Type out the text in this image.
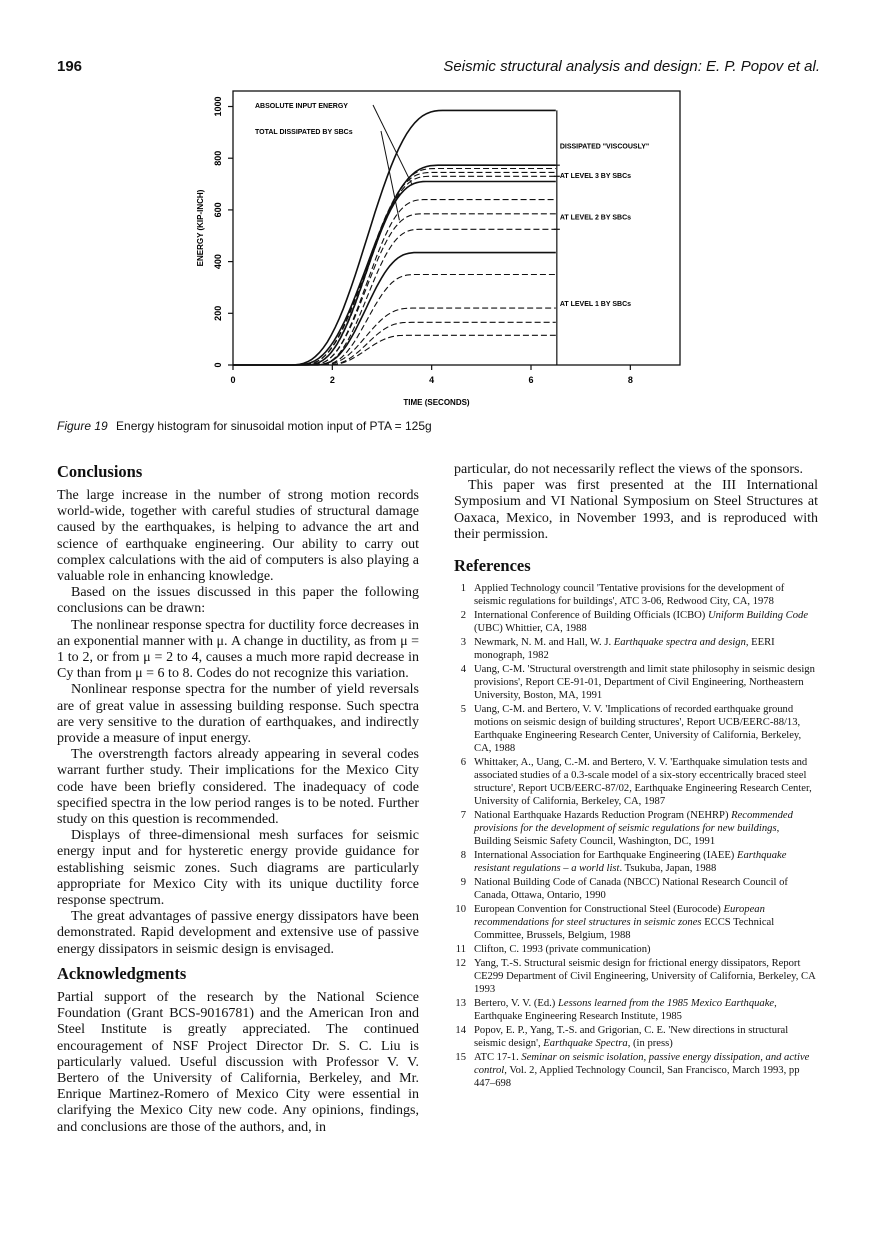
196	Seismic structural analysis and design: E. P. Popov et al.
0
200
400
600
800
1000
0	2	4	6	8
TIME (SECONDS)
ENERGY (KIP-INCH)
DISSIPATED "VISCOUSLY"
AT LEVEL 3 BY SBCs
AT LEVEL 2 BY SBCs
AT LEVEL 1 BY SBCs
ABSOLUTE INPUT ENERGY
TOTAL DISSIPATED BY SBCs
Figure 19 Energy histogram for sinusoidal motion input of PTA = 125g
Conclusions

The large increase in the number of strong motion records world-wide, together with careful studies of structural damage caused by the earthquakes, is helping to advance the art and science of earthquake engineering. Our ability to carry out complex calculations with the aid of computers is also playing a valuable role in enhancing knowledge.

Based on the issues discussed in this paper the following conclusions can be drawn:

The nonlinear response spectra for ductility force decreases in an exponential manner with μ. A change in ductility, as from μ = 1 to 2, or from μ = 2 to 4, causes a much more rapid decrease in Cy than from μ = 6 to 8. Codes do not recognize this variation.

Nonlinear response spectra for the number of yield reversals are of great value in assessing building response. Such spectra are very sensitive to the duration of earthquakes, and indirectly provide a measure of input energy.

The overstrength factors already appearing in several codes warrant further study. Their implications for the Mexico City code have been briefly considered. The inadequacy of code specified spectra in the low period ranges is to be noted. Further study on this question is recommended.

Displays of three-dimensional mesh surfaces for seismic energy input and for hysteretic energy provide guidance for establishing seismic zones. Such diagrams are particularly appropriate for Mexico City with its unique ductility force response spectrum.

The great advantages of passive energy dissipators have been demonstrated. Rapid development and extensive use of passive energy dissipators in seismic design is envisaged.

Acknowledgments

Partial support of the research by the National Science Foundation (Grant BCS-9016781) and the American Iron and Steel Institute is greatly appreciated. The continued encouragement of NSF Project Director Dr. S. C. Liu is particularly valued. Useful discussion with Professor V. V. Bertero of the University of California, Berkeley, and Mr. Enrique Martinez-Romero of Mexico City were essential in clarifying the Mexico City new code. Any opinions, findings, and conclusions are those of the authors, and, in

particular, do not necessarily reflect the views of the sponsors.

This paper was first presented at the III International Symposium and VI National Symposium on Steel Structures at Oaxaca, Mexico, in November 1993, and is reproduced with their permission.

References
1 Applied Technology council 'Tentative provisions for the development of seismic regulations for buildings', ATC 3-06, Redwood City, CA, 1978
2 International Conference of Building Officials (ICBO) Uniform Building Code (UBC) Whittier, CA, 1988
3 Newmark, N. M. and Hall, W. J. Earthquake spectra and design, EERI monograph, 1982
4 Uang, C-M. 'Structural overstrength and limit state philosophy in seismic design provisions', Report CE-91-01, Department of Civil Engineering, Northeastern University, Boston, MA, 1991
5 Uang, C-M. and Bertero, V. V. 'Implications of recorded earthquake ground motions on seismic design of building structures', Report UCB/EERC-88/13, Earthquake Engineering Research Center, University of California, Berkeley, CA, 1988
6 Whittaker, A., Uang, C.-M. and Bertero, V. V. 'Earthquake simulation tests and associated studies of a 0.3-scale model of a six-story eccentrically braced steel structure', Report UCB/EERC-87/02, Earthquake Engineering Research Center, University of California, Berkeley, CA, 1987
7 National Earthquake Hazards Reduction Program (NEHRP) Recommended provisions for the development of seismic regulations for new buildings, Building Seismic Safety Council, Washington, DC, 1991
8 International Association for Earthquake Engineering (IAEE) Earthquake resistant regulations – a world list. Tsukuba, Japan, 1988
9 National Building Code of Canada (NBCC) National Research Council of Canada, Ottawa, Ontario, 1990
10 European Convention for Constructional Steel (Eurocode) European recommendations for steel structures in seismic zones ECCS Technical Committee, Brussels, Belgium, 1988
11 Clifton, C. 1993 (private communication)
12 Yang, T.-S. Structural seismic design for frictional energy dissipators, Report CE299 Department of Civil Engineering, University of California, Berkeley, CA 1993
13 Bertero, V. V. (Ed.) Lessons learned from the 1985 Mexico Earthquake, Earthquake Engineering Research Institute, 1985
14 Popov, E. P., Yang, T.-S. and Grigorian, C. E. 'New directions in structural seismic design', Earthquake Spectra, (in press)
15 ATC 17-1. Seminar on seismic isolation, passive energy dissipation, and active control, Vol. 2, Applied Technology Council, San Francisco, March 1993, pp 447–698
